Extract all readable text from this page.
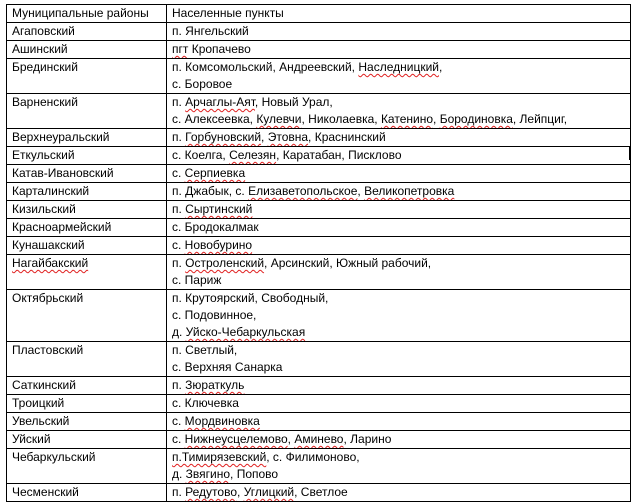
Муниципальные районы	Населенные пункты
Агаповский	п. Янгельский

Ашинский	пгт Кропачево

Брединский	п. Комсомольский, Андреевский, Наследницкий,
с. Боровое

Варненский	п. Арчаглы-Аят, Новый Урал,
с. Алексеевка, Кулевчи, Николаевка, Катенино, Бородиновка, Лейпциг,

Верхнеуральский	п. Горбуновский, Этовна, Краснинский

Еткульский	с. Коелга, Селезян, Каратабан, Писклово

Катав-Ивановский	с. Серпиевка

Карталинский	п. Джабык, с. Елизаветопольское, Великопетровка

Кизильский	п. Сыртинский

Красноармейский	с. Бродокалмак

Кунашакский	с. Новобурино

Нагайбакский	п. Остроленский, Арсинский, Южный рабочий,
с. Париж

Октябрьский	п. Крутоярский, Свободный,
с. Подовинное,
д. Уйско-Чебаркульская

Пластовский	п. Светлый,
с. Верхняя Санарка

Саткинский	п. Зюраткуль

Троицкий	с. Ключевка

Увельский	с. Мордвиновка

Уйский	с. Нижнеусцелемово, Аминево, Ларино

Чебаркульский	п.Тимирязевский, с. Филимоново,
д. Звягино, Попово

Чесменский	п. Редутово, Углицкий, Светлое
